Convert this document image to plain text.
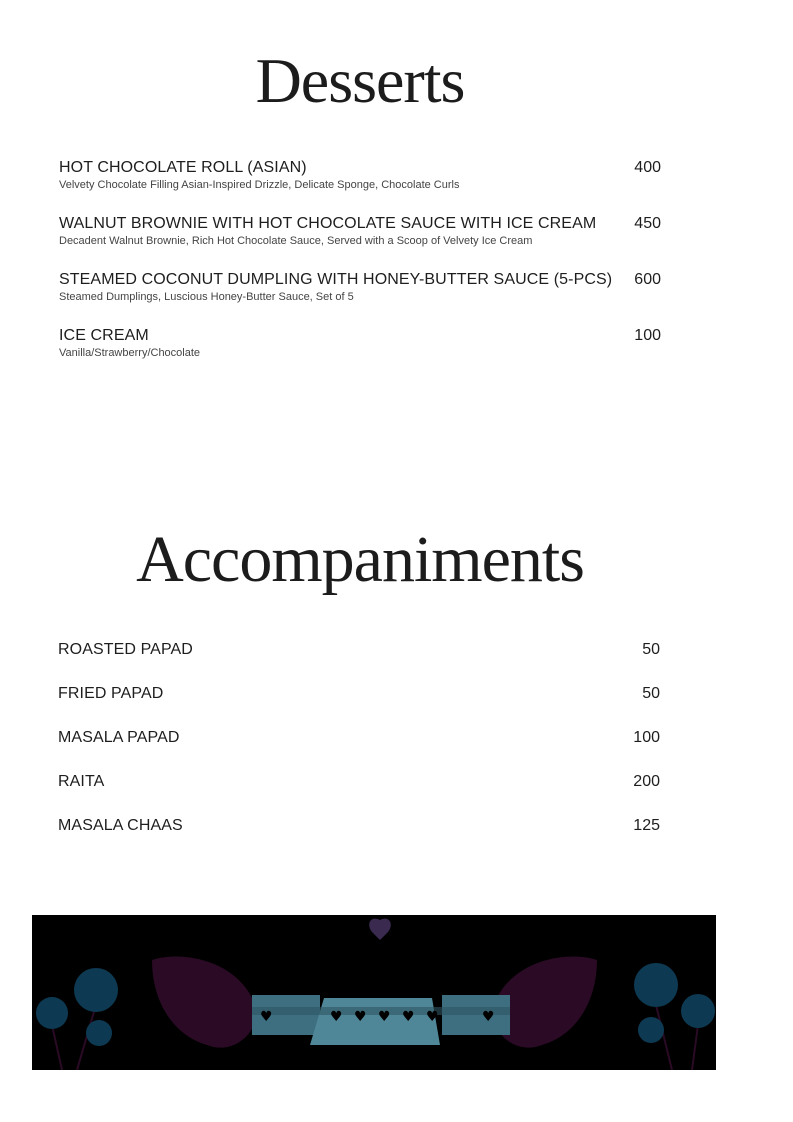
Desserts
HOT CHOCOLATE ROLL (ASIAN)
Velvety Chocolate Filling Asian-Inspired Drizzle, Delicate Sponge, Chocolate Curls
400
WALNUT BROWNIE WITH HOT CHOCOLATE SAUCE WITH ICE CREAM
Decadent Walnut Brownie, Rich Hot Chocolate Sauce, Served with a Scoop of Velvety Ice Cream
450
STEAMED COCONUT DUMPLING WITH HONEY-BUTTER SAUCE (5-PCS)
Steamed Dumplings, Luscious Honey-Butter Sauce, Set of 5
600
ICE CREAM
Vanilla/Strawberry/Chocolate
100
Accompaniments
ROASTED PAPAD	50
FRIED PAPAD	50
MASALA PAPAD	100
RAITA	200
MASALA CHAAS	125
♥	♥ ♥ ♥ ♥ ♥	♥
